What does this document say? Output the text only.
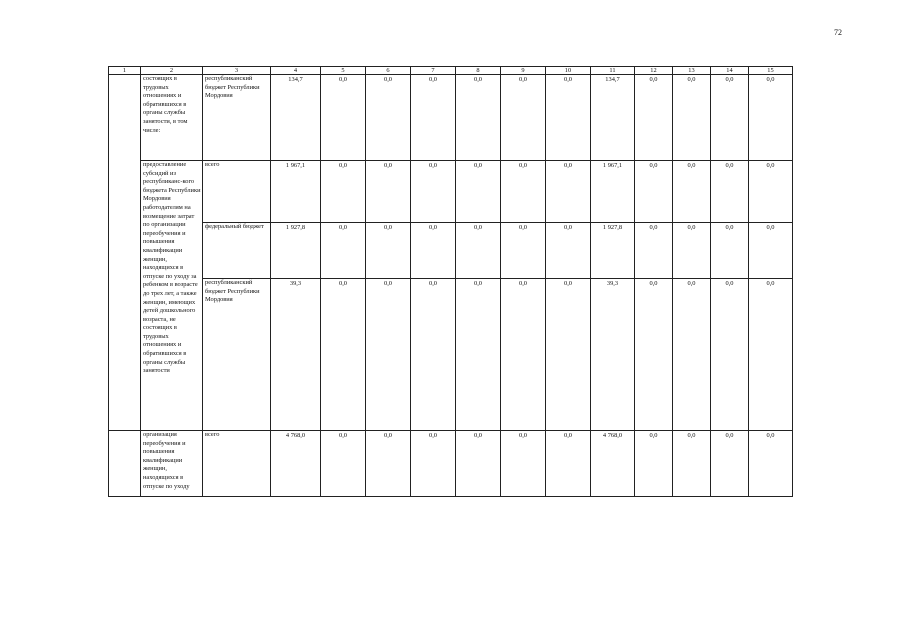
72
1	2	3	4	5	6	7	8	9	10	11	12	13	14	15
	состоящих в трудовых отношениях и обратившихся в органы службы занятости, в том числе:	республиканский бюджет Республики Мордовия	134,7	0,0	0,0	0,0	0,0	0,0	0,0	134,7	0,0	0,0	0,0	0,0
	предоставление субсидий из республиканс-кого бюджета Республики Мордовия работодателям на возмещение затрат по организации переобучения и повышения квалификации женщин, находящихся в отпуске по уходу за ребенком в возрасте до трех лет, а также женщин, имеющих детей дошкольного возраста, не состоящих в трудовых отношениях и обратившихся в органы службы занятости	всего	1 967,1	0,0	0,0	0,0	0,0	0,0	0,0	1 967,1	0,0	0,0	0,0	0,0
		федеральный бюджет	1 927,8	0,0	0,0	0,0	0,0	0,0	0,0	1 927,8	0,0	0,0	0,0	0,0
		республиканский бюджет Республики Мордовия	39,3	0,0	0,0	0,0	0,0	0,0	0,0	39,3	0,0	0,0	0,0	0,0
	организация переобучения и повышения квалификации женщин, находящихся в отпуске по уходу	всего	4 768,0	0,0	0,0	0,0	0,0	0,0	0,0	4 768,0	0,0	0,0	0,0	0,0
